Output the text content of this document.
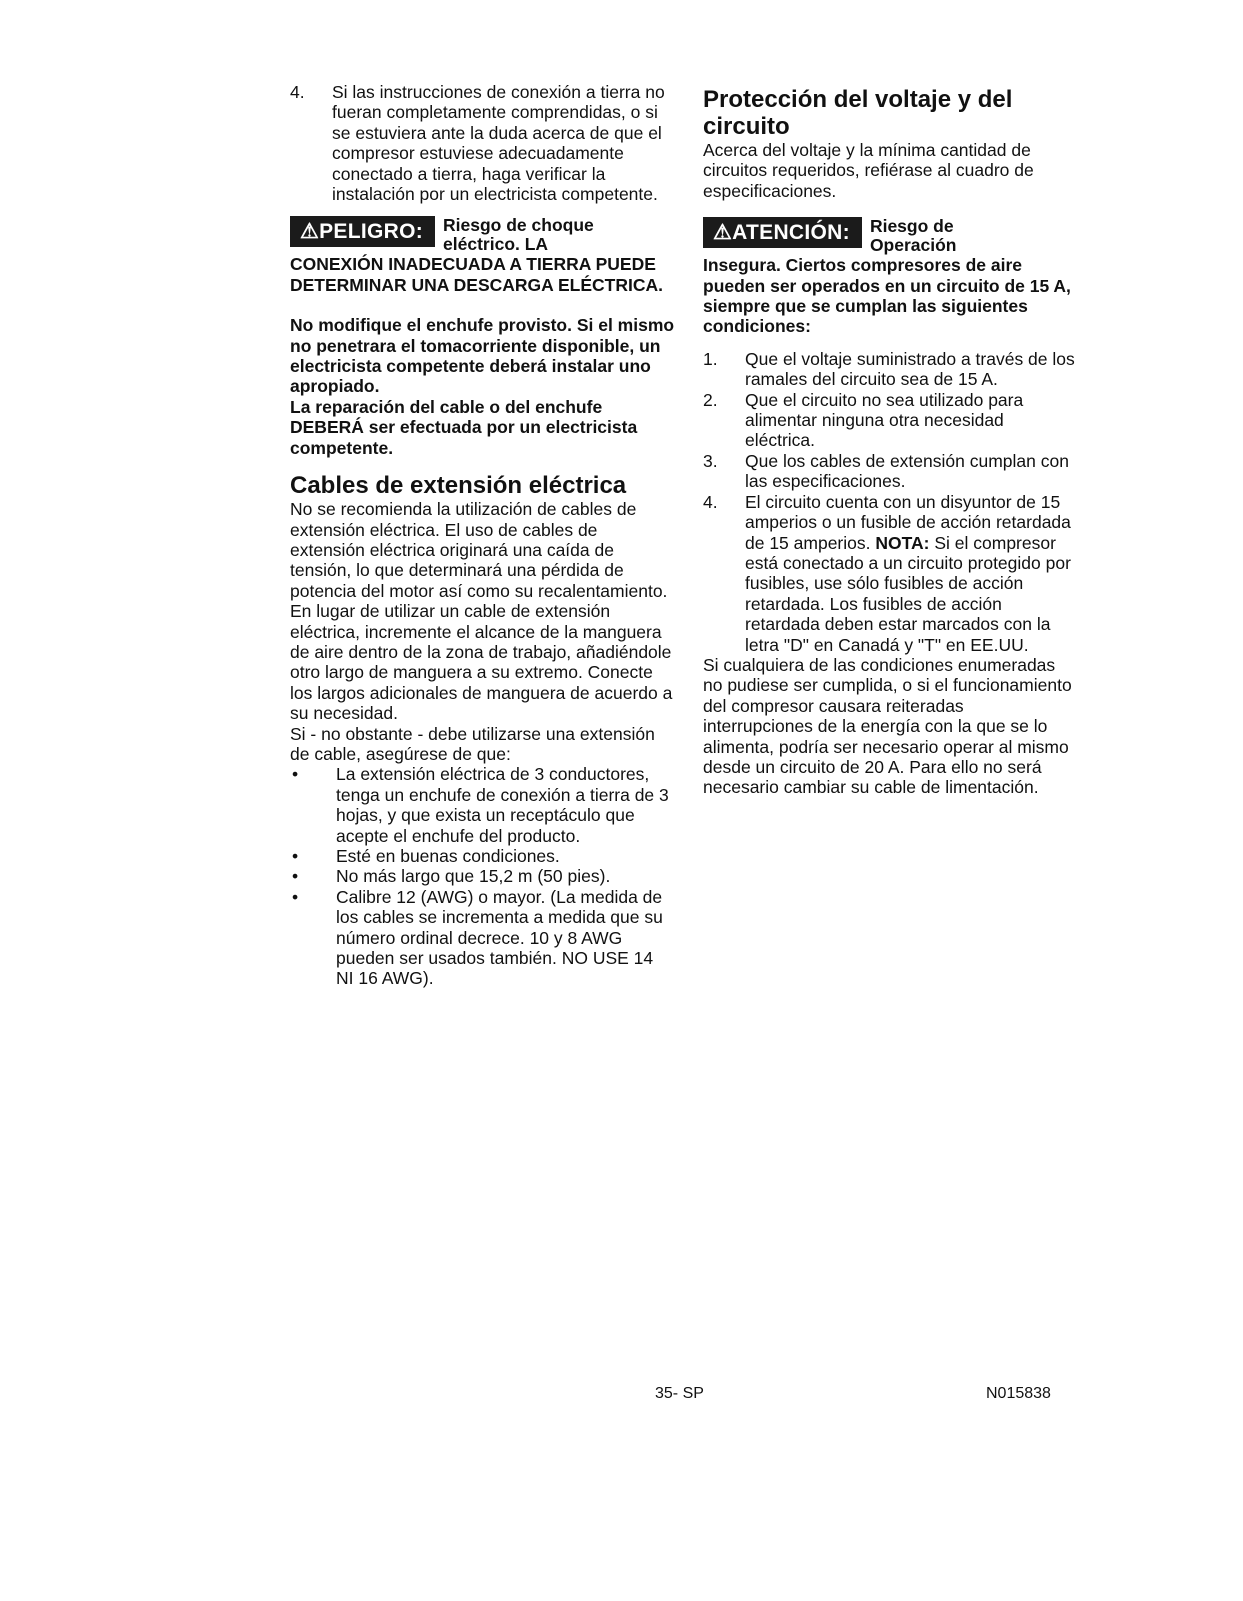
4.	Si las instrucciones de conexión a tierra no fueran completamente comprendidas, o si se estuviera ante la duda acerca de que el compresor estuviese adecuadamente conectado a tierra, haga verificar la instalación por un electricista competente.
⚠PELIGRO:	Riesgo de choque
eléctrico. LA

CONEXIÓN INADECUADA A TIERRA PUEDE DETERMINAR UNA DESCARGA ELÉCTRICA.

No modifique el enchufe provisto. Si el mismo no penetrara el tomacorriente disponible, un electricista competente deberá instalar uno apropiado.

La reparación del cable o del enchufe DEBERÁ ser efectuada por un electricista competente.

Cables de extensión eléctrica

No se recomienda la utilización de cables de extensión eléctrica. El uso de cables de extensión eléctrica originará una caída de tensión, lo que determinará una pérdida de potencia del motor así como su recalentamiento. En lugar de utilizar un cable de extensión eléctrica, incremente el alcance de la manguera de aire dentro de la zona de trabajo, añadiéndole otro largo de manguera a su extremo. Conecte los largos adicionales de manguera de acuerdo a su necesidad.

Si - no obstante - debe utilizarse una extensión de cable, asegúrese de que:

•	La extensión eléctrica de 3 conductores, tenga un enchufe de conexión a tierra de 3 hojas, y que exista un receptáculo que acepte el enchufe del producto.
•	Esté en buenas condiciones.
•	No más largo que 15,2 m (50 pies).
•	Calibre 12 (AWG) o mayor. (La medida de los cables se incrementa a medida que su número ordinal decrece. 10 y 8 AWG pueden ser usados también. NO USE 14 NI 16 AWG).
Protección del voltaje y del circuito

Acerca del voltaje y la mínima cantidad de circuitos requeridos, refiérase al cuadro de especificaciones.

⚠ATENCIÓN:	Riesgo de
Operación

Insegura. Ciertos compresores de aire pueden ser operados en un circuito de 15 A, siempre que se cumplan las siguientes condiciones:

1.	Que el voltaje suministrado a través de los ramales del circuito sea de 15 A.
2.	Que el circuito no sea utilizado para alimentar ninguna otra necesidad eléctrica.
3.	Que los cables de extensión cumplan con las especificaciones.
4.	El circuito cuenta con un disyuntor de 15 amperios o un fusible de acción retardada de 15 amperios. NOTA: Si el compresor está conectado a un circuito protegido por fusibles, use sólo fusibles de acción retardada. Los fusibles de acción retardada deben estar marcados con la letra "D" en Canadá y "T" en EE.UU.

Si cualquiera de las condiciones enumeradas no pudiese ser cumplida, o si el funcionamiento del compresor causara reiteradas interrupciones de la energía con la que se lo alimenta, podría ser necesario operar al mismo desde un circuito de 20 A. Para ello no será necesario cambiar su cable de limentación.

35- SP	N015838
